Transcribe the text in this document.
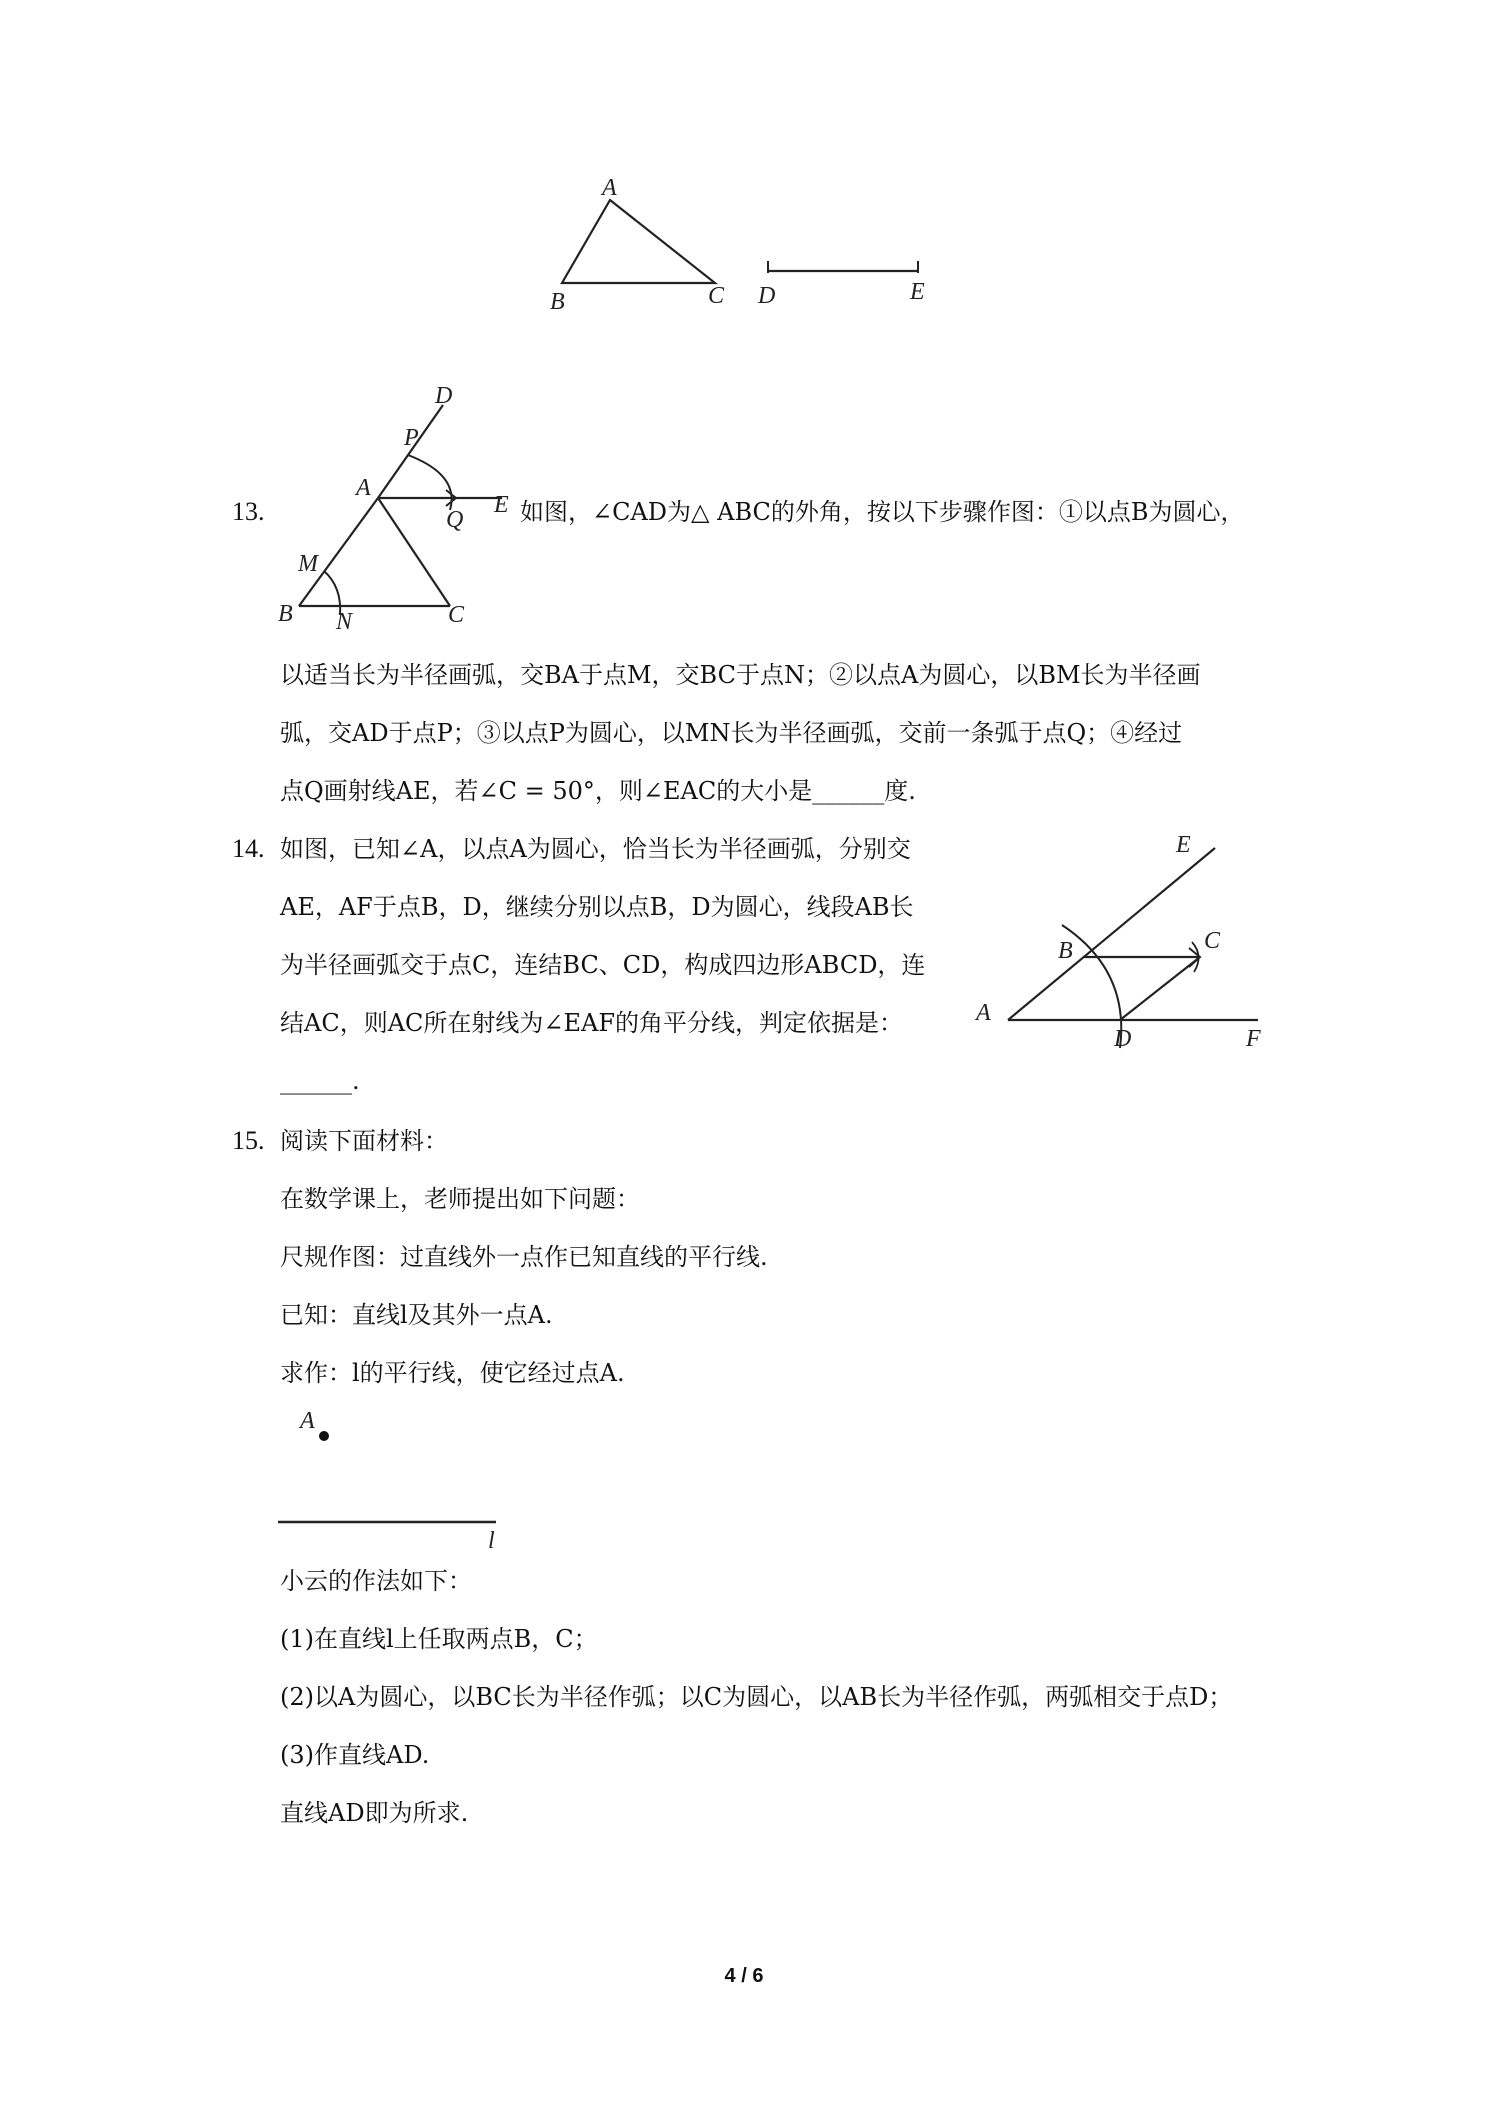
A
B	C D	E
13.
D
P
A
Q
E
M
B N	C
如图，∠CAD为△ ABC的外角，按以下步骤作图：①以点B为圆心，
以适当长为半径画弧，交BA于点M，交BC于点N；②以点A为圆心，以BM长为半径画
弧，交AD于点P；③以点P为圆心，以MN长为半径画弧，交前一条弧于点Q；④经过
点Q画射线AE，若∠C = 50°，则∠EAC的大小是______度.
14. 如图，已知∠A，以点A为圆心，恰当长为半径画弧，分别交
AE，AF于点B，D，继续分别以点B，D为圆心，线段AB长
为半径画弧交于点C，连结BC、CD，构成四边形ABCD，连
结AC，则AC所在射线为∠EAF的角平分线，判定依据是：
______.
E
B	C
A
D	F
15. 阅读下面材料：
在数学课上，老师提出如下问题：
尺规作图：过直线外一点作已知直线的平行线.
已知：直线l及其外一点A.
求作：l的平行线，使它经过点A.
A
l
小云的作法如下：
(1)在直线l上任取两点B，C；
(2)以A为圆心，以BC长为半径作弧；以C为圆心，以AB长为半径作弧，两弧相交于点D；
(3)作直线AD.
直线AD即为所求.
4 / 6
